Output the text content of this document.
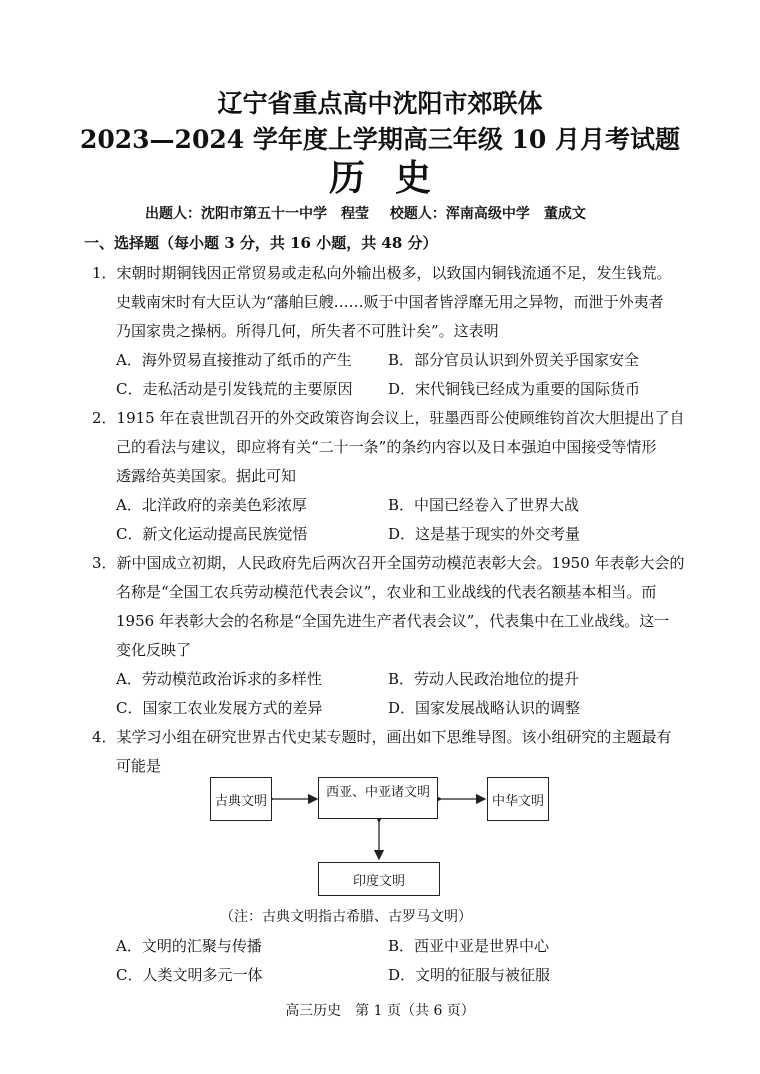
辽宁省重点高中沈阳市郊联体
2023—2024 学年度上学期高三年级 10 月月考试题
历史
出题人：沈阳市第五十一中学　程莹 校题人：浑南高级中学　董成文
一、选择题（每小题 3 分，共 16 小题，共 48 分）
1．宋朝时期铜钱因正常贸易或走私向外输出极多，以致国内铜钱流通不足，发生钱荒。
史载南宋时有大臣认为“藩舶巨艘……贩于中国者皆浮靡无用之异物，而泄于外夷者
乃国家贵之操柄。所得几何，所失者不可胜计矣”。这表明
A．海外贸易直接推动了纸币的产生 B．部分官员认识到外贸关乎国家安全
C．走私活动是引发钱荒的主要原因 D．宋代铜钱已经成为重要的国际货币
2．1915 年在袁世凯召开的外交政策咨询会议上，驻墨西哥公使顾维钧首次大胆提出了自
己的看法与建议，即应将有关“二十一条”的条约内容以及日本强迫中国接受等情形
透露给英美国家。据此可知
A．北洋政府的亲美色彩浓厚	B．中国已经卷入了世界大战
C．新文化运动提高民族觉悟	D．这是基于现实的外交考量
3．新中国成立初期，人民政府先后两次召开全国劳动模范表彰大会。1950 年表彰大会的
名称是“全国工农兵劳动模范代表会议”，农业和工业战线的代表名额基本相当。而
1956 年表彰大会的名称是“全国先进生产者代表会议”，代表集中在工业战线。这一
变化反映了
A．劳动模范政治诉求的多样性	B．劳动人民政治地位的提升
C．国家工农业发展方式的差异	D．国家发展战略认识的调整
4．某学习小组在研究世界古代史某专题时，画出如下思维导图。该小组研究的主题最有
可能是
古典文明
西亚、中亚诸文明
中华文明
印度文明
（注：古典文明指古希腊、古罗马文明）
A．文明的汇聚与传播	B．西亚中亚是世界中心
C．人类文明多元一体	D．文明的征服与被征服
高三历史　第 1 页（共 6 页）
